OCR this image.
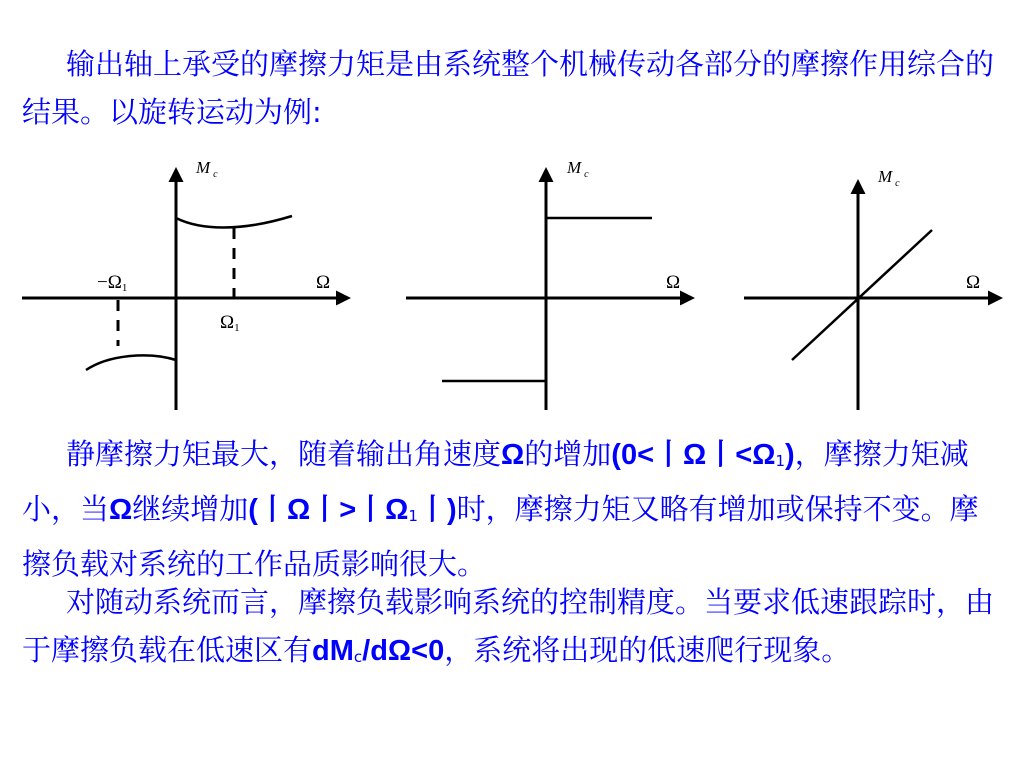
输出轴上承受的摩擦力矩是由系统整个机械传动各部分的摩擦作用综合的结果。以旋转运动为例:

M $_c$
Ω
−Ω1
Ω1
M $_c$
Ω
M $_c$
Ω

静摩擦力矩最大，随着输出角速度Ω的增加(0<丨Ω丨$<\Omega_1$)，摩擦力矩减小，当Ω继续增加(丨Ω丨>丨$\Omega_1$丨)时，摩擦力矩又略有增加或保持不变。摩擦负载对系统的工作品质影响很大。

对随动系统而言，摩擦负载影响系统的控制精度。当要求低速跟踪时，由于摩擦负载在低速区有$dM_c/d\Omega<0$，系统将出现的低速爬行现象。
